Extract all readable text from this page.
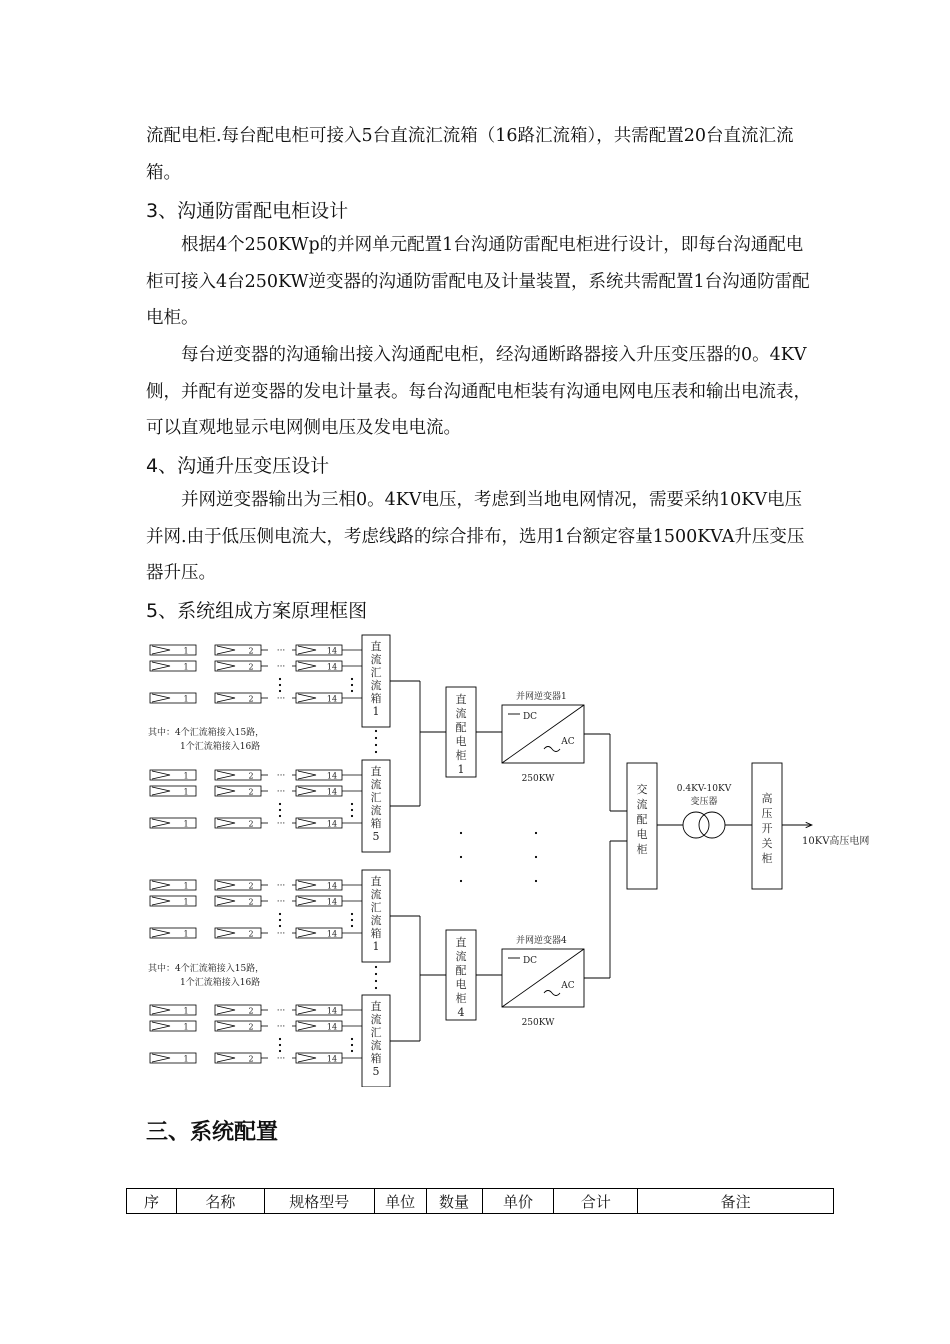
流配电柜.每台配电柜可接入5台直流汇流箱（16路汇流箱），共需配置20台直流汇流箱。

3、沟通防雷配电柜设计

根据4个250KWp的并网单元配置1台沟通防雷配电柜进行设计，即每台沟通配电柜可接入4台250KW逆变器的沟通防雷配电及计量装置，系统共需配置1台沟通防雷配电柜。

每台逆变器的沟通输出接入沟通配电柜，经沟通断路器接入升压变压器的0。4KV侧，并配有逆变器的发电计量表。每台沟通配电柜装有沟通电网电压表和输出电流表，可以直观地显示电网侧电压及发电电流。

4、沟通升压变压设计

并网逆变器输出为三相0。4KV电压，考虑到当地电网情况，需要采纳10KV电压并网.由于低压侧电流大，考虑线路的综合排布，选用1台额定容量1500KVA升压变压器升压。

5、系统组成方案原理框图
1	2	···	14
1	2	···	14
1	2	···	14
直
流
汇
流
箱
1
其中：4个汇流箱接入15路，
1个汇流箱接入16路
1	2	···	14
1	2	···	14
1	2	···	14
直
流
汇
流
箱
5
1	2	···	14
1	2	···	14
1	2	···	14
直
流
汇
流
箱
1
其中：4个汇流箱接入15路，
1个汇流箱接入16路
1	2	···	14
1	2	···	14
1	2	···	14
直
流
汇
流
箱
5
直
流
配
电
柜
1
直
流
配
电
柜
4
并网逆变器1
DC
AC
250KW
并网逆变器4
DC
AC
250KW
交
流
配
电
柜
0.4KV-10KV
变压器	高
压
开
关
柜
10KV高压电网
三、系统配置
序	名称	规格型号	单位	数量	单价	合计	备注
